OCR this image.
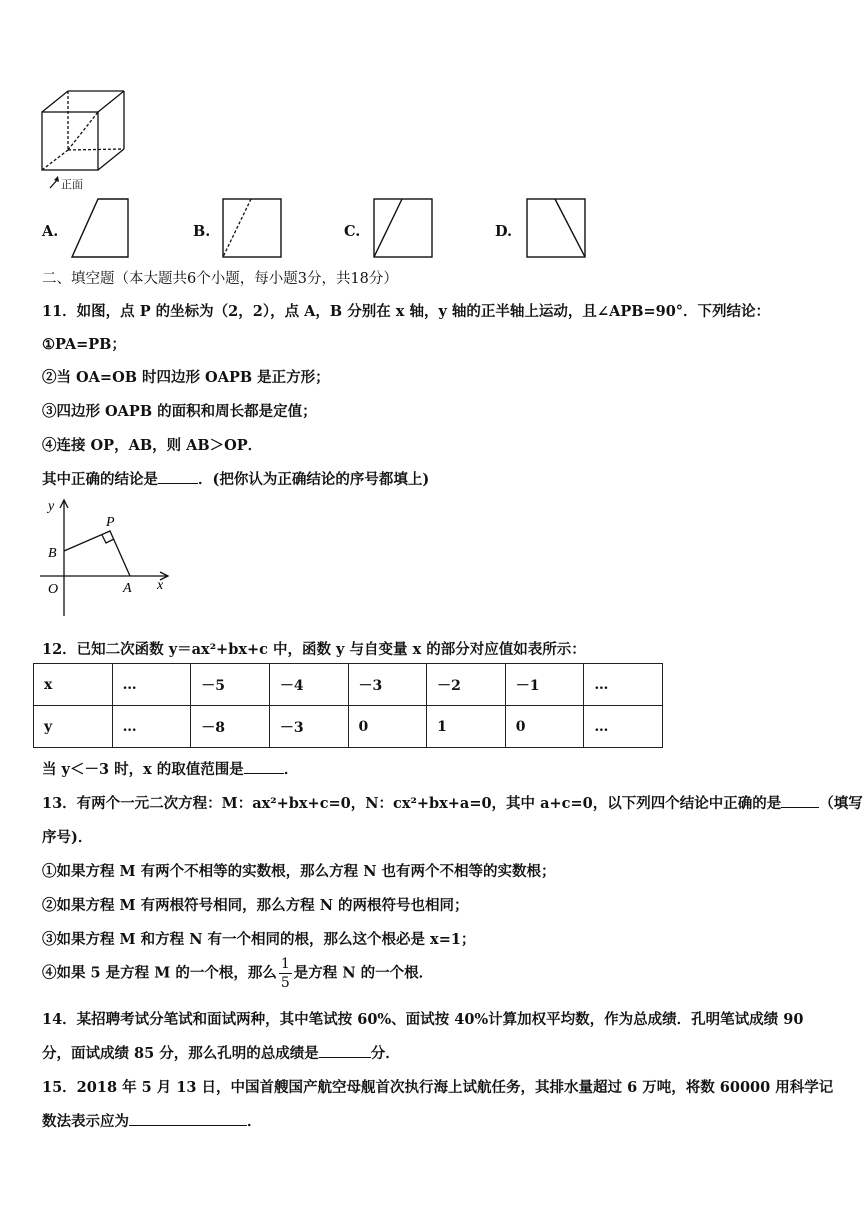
正面
A.	B.	C.	D.
二、填空题（本大题共6个小题，每小题3分，共18分）
11．如图，点 P 的坐标为（2，2），点 A，B 分别在 x 轴，y 轴的正半轴上运动，且∠APB=90°．下列结论：
①PA=PB；
②当 OA=OB 时四边形 OAPB 是正方形；
③四边形 OAPB 的面积和周长都是定值；
④连接 OP，AB，则 AB＞OP．
其中正确的结论是	．(把你认为正确结论的序号都填上)
y
P
B
O	A x
12．已知二次函数 y＝ax²+bx+c 中，函数 y 与自变量 x 的部分对应值如表所示：
x	…	－5	－4	－3	－2	－1	…
y	…	－8	－3	0	1	0	…
当 y＜－3 时，x 的取值范围是	．
13．有两个一元二次方程：M：ax²+bx+c=0，N：cx²+bx+a=0，其中 a+c=0，以下列四个结论中正确的是	（填写
序号)．
①如果方程 M 有两个不相等的实数根，那么方程 N 也有两个不相等的实数根；
②如果方程 M 有两根符号相同，那么方程 N 的两根符号也相同；
③如果方程 M 和方程 N 有一个相同的根，那么这个根必是 x=1；
④如果 5 是方程 M 的一个根，那么 $\frac{1}{5}$ 是方程 N 的一个根．
14．某招聘考试分笔试和面试两种，其中笔试按 60%、面试按 40%计算加权平均数，作为总成绩．孔明笔试成绩 90
分，面试成绩 85 分，那么孔明的总成绩是	分．
15．2018 年 5 月 13 日，中国首艘国产航空母舰首次执行海上试航任务，其排水量超过 6 万吨，将数 60000 用科学记
数法表示应为	．
